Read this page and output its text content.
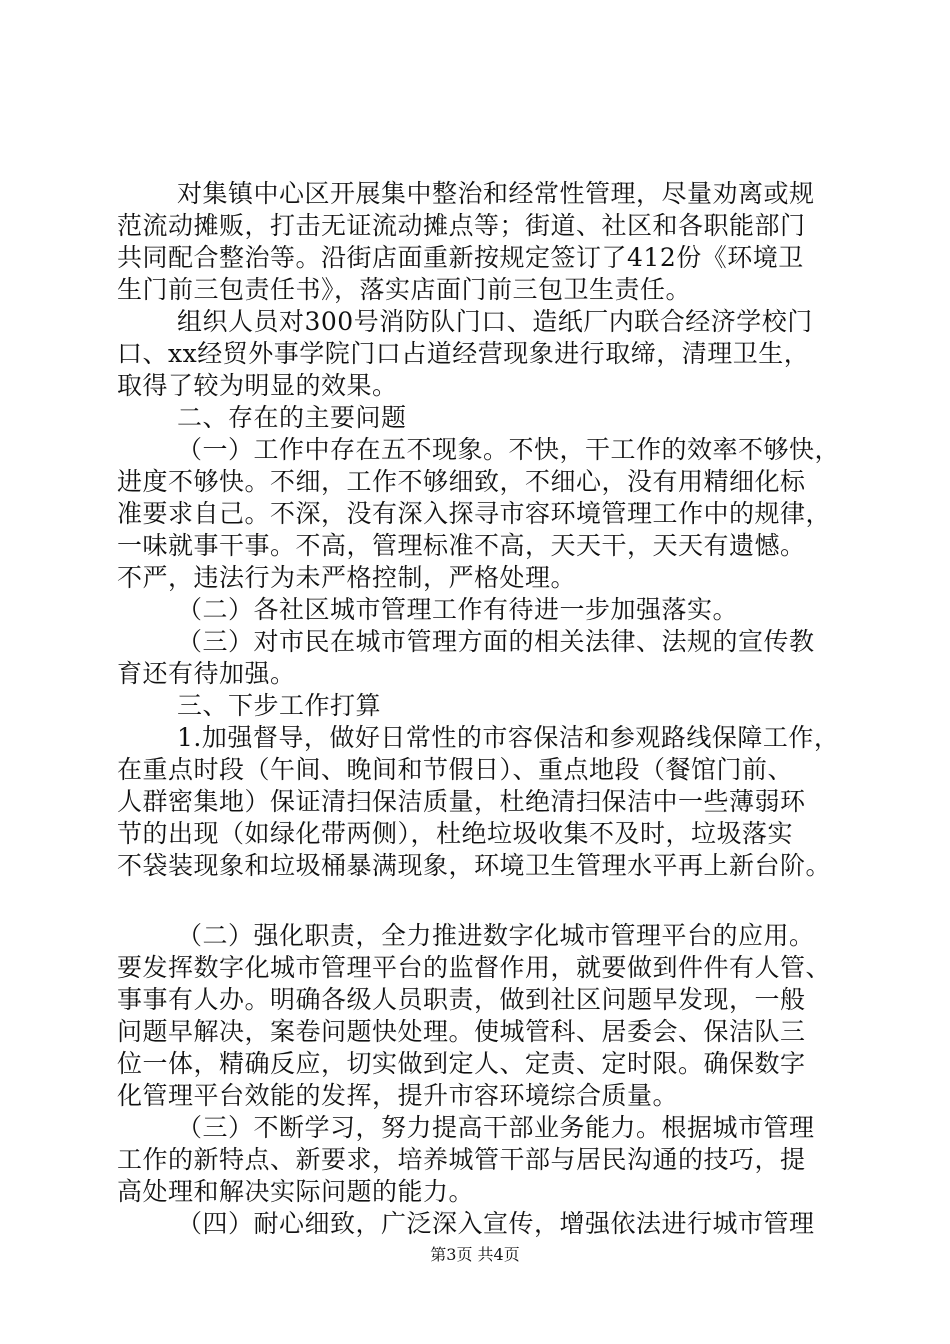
对集镇中心区开展集中整治和经常性管理，尽量劝离或规
范流动摊贩，打击无证流动摊点等；街道、社区和各职能部门
共同配合整治等。沿街店面重新按规定签订了412份《环境卫
生门前三包责任书》，落实店面门前三包卫生责任。
组织人员对300号消防队门口、造纸厂内联合经济学校门
口、xx经贸外事学院门口占道经营现象进行取缔，清理卫生，
取得了较为明显的效果。
二、存在的主要问题
（一）工作中存在五不现象。不快，干工作的效率不够快，
进度不够快。不细，工作不够细致，不细心，没有用精细化标
准要求自己。不深，没有深入探寻市容环境管理工作中的规律，
一味就事干事。不高，管理标准不高，天天干，天天有遗憾。
不严，违法行为未严格控制，严格处理。
（二）各社区城市管理工作有待进一步加强落实。
（三）对市民在城市管理方面的相关法律、法规的宣传教
育还有待加强。
三、下步工作打算
1.加强督导，做好日常性的市容保洁和参观路线保障工作，
在重点时段（午间、晚间和节假日）、重点地段（餐馆门前、
人群密集地）保证清扫保洁质量，杜绝清扫保洁中一些薄弱环
节的出现（如绿化带两侧），杜绝垃圾收集不及时，垃圾落实
不袋装现象和垃圾桶暴满现象，环境卫生管理水平再上新台阶。
（二）强化职责，全力推进数字化城市管理平台的应用。
要发挥数字化城市管理平台的监督作用，就要做到件件有人管、
事事有人办。明确各级人员职责，做到社区问题早发现，一般
问题早解决，案卷问题快处理。使城管科、居委会、保洁队三
位一体，精确反应，切实做到定人、定责、定时限。确保数字
化管理平台效能的发挥，提升市容环境综合质量。
（三）不断学习，努力提高干部业务能力。根据城市管理
工作的新特点、新要求，培养城管干部与居民沟通的技巧，提
高处理和解决实际问题的能力。
（四）耐心细致，广泛深入宣传，增强依法进行城市管理
第3页 共4页
